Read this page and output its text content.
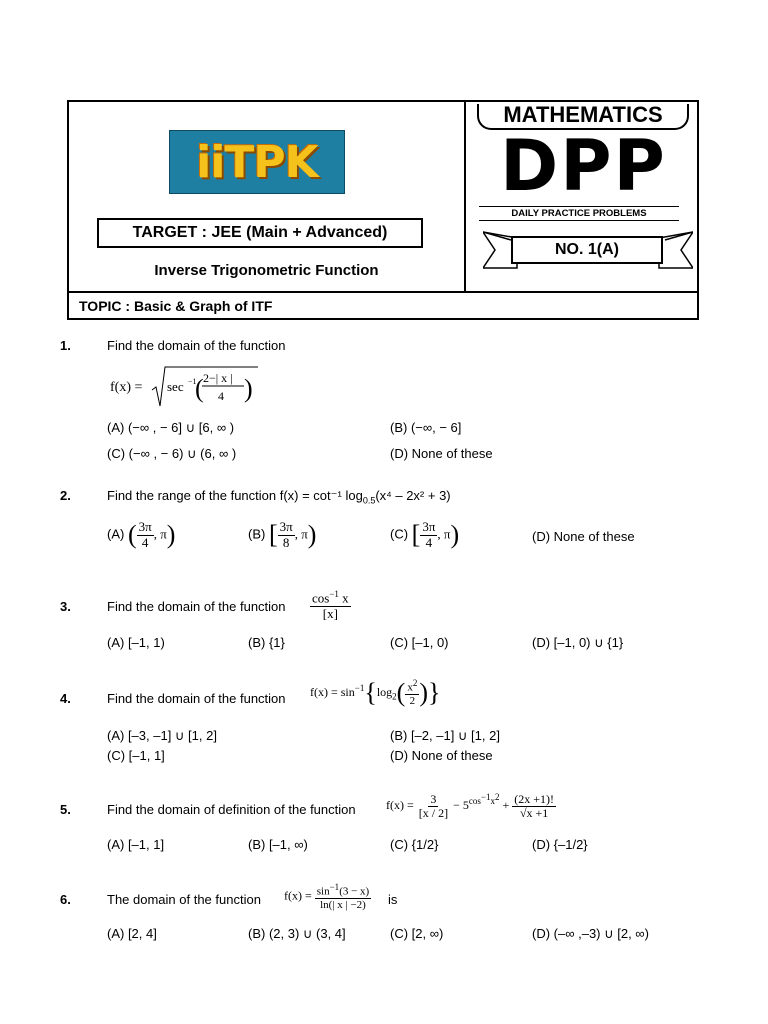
iiTPK
TARGET : JEE (Main + Advanced)
Inverse Trigonometric Function
TOPIC : Basic & Graph of ITF
MATHEMATICS
DPP
DAILY PRACTICE PROBLEMS
NO. 1(A)
1.	Find the domain of the function
f(x) = sec −1
( 2−| x |
4 )
(A) (−∞ , − 6] ∪ [6, ∞ )	(B) (−∞, − 6]
(C) (−∞ , − 6) ∪ (6, ∞ )	(D) None of these
2.	Find the range of the function f(x) = cot⁻¹ $\log_{0.5}(x^4 - 2x^2 + 3)$
(A) ( $\frac{3\pi}{4}$ , π)	(B) [ $\frac{3\pi}{8}$ , π)	(C) [ $\frac{3\pi}{4}$ , π)	(D) None of these
3.	Find the domain of the function $\frac{\cos^{-1} x}{[x]}$
(A) [–1, 1)	(B) {1}	(C) [–1, 0)	(D) [–1, 0) ∪ {1}
4.	Find the domain of the function $f(x) = \sin^{-1}\{\log_2( \frac{x^2}{2}$ )}
(A) [–3, –1] ∪ [1, 2]	(B) [–2, –1] ∪ [1, 2]
(C) [–1, 1]	(D) None of these
5.	Find the domain of definition of the function	$f(x) = \frac{3}{[x / 2]} - 5^{cos^{-1}x^2} + \frac{(2x +1)!}{√x +1}$
(A) [–1, 1]	(B) [–1, ∞)	(C) {1/2}	(D) {–1/2}
6.	The domain of the function $f(x) = \frac{\sin^{-1}(3 - x)}{\ln(| x | -2)}$ is
(A) [2, 4]	(B) (2, 3) ∪ (3, 4]	(C) [2, ∞)	(D) (–∞ ,–3) ∪ [2, ∞)
